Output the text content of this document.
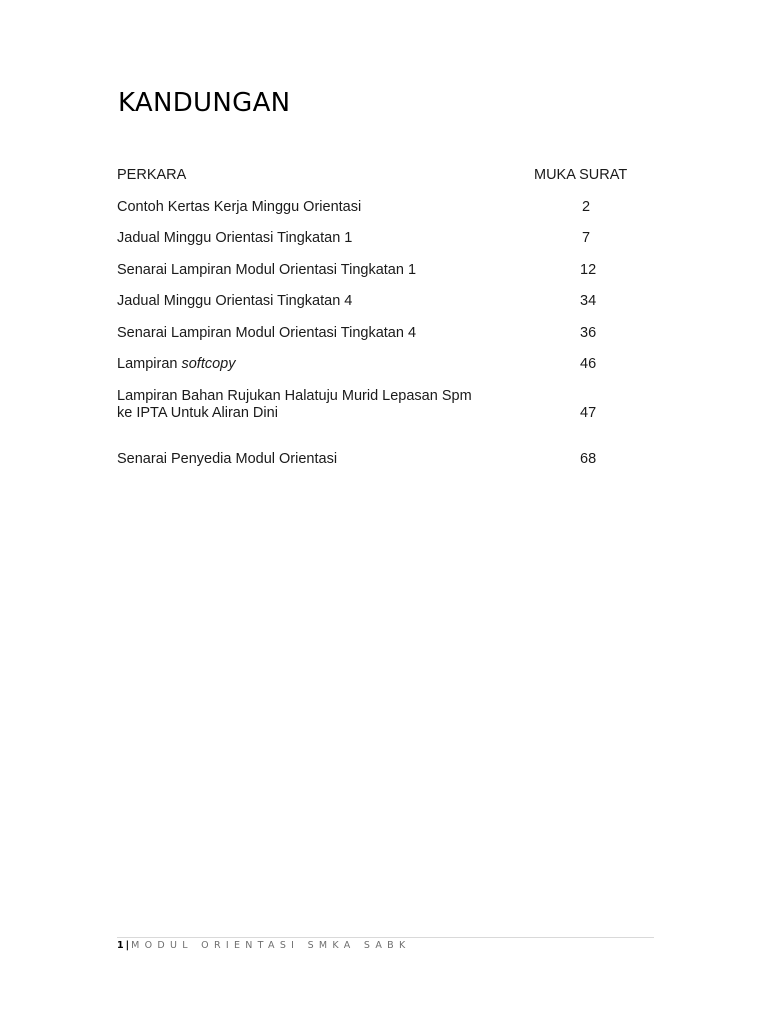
KANDUNGAN
PERKARA	MUKA SURAT
Contoh Kertas Kerja Minggu Orientasi	2
Jadual Minggu Orientasi Tingkatan 1	7
Senarai Lampiran Modul Orientasi Tingkatan 1	12
Jadual Minggu Orientasi Tingkatan 4	34
Senarai Lampiran Modul Orientasi Tingkatan 4	36
Lampiran softcopy	46
Lampiran Bahan Rujukan Halatuju Murid Lepasan Spm
ke IPTA Untuk Aliran Dini	47
Senarai Penyedia Modul Orientasi	68
1 | MODUL ORIENTASI SMKA SABK
